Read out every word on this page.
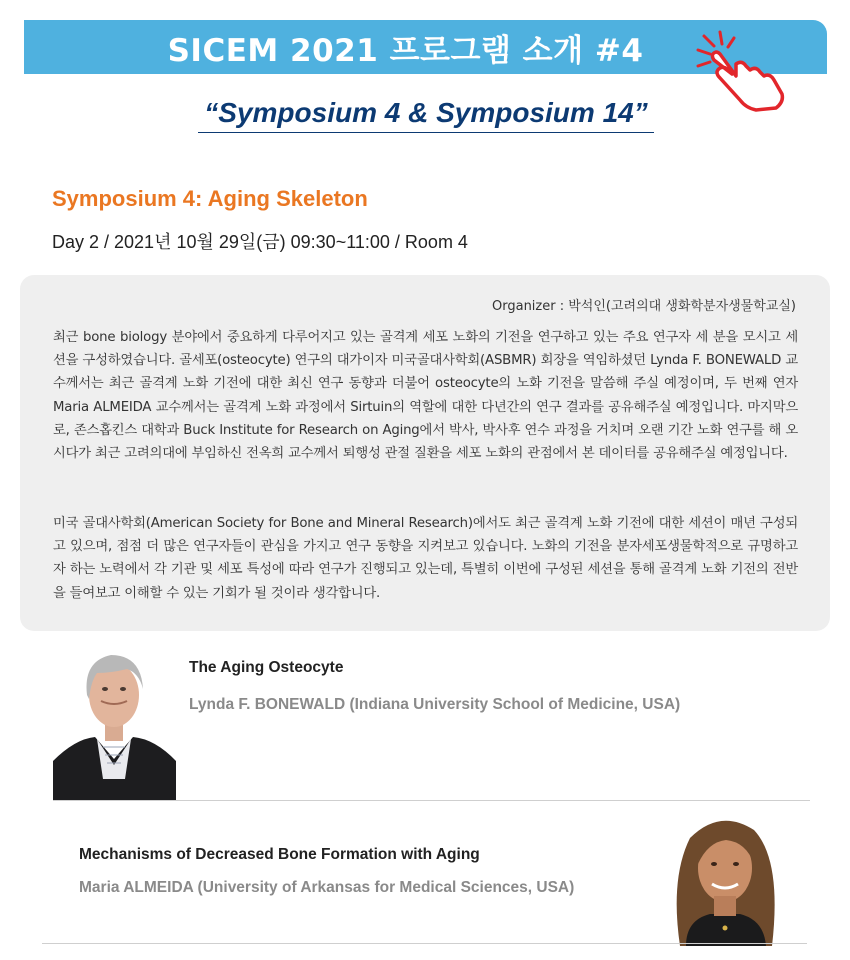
SICEM 2021 프로그램 소개 #4
“Symposium 4 & Symposium 14”
Symposium 4: Aging Skeleton
Day 2 / 2021년 10월 29일(금) 09:30~11:00 / Room 4
Organizer : 박석인(고려의대 생화학분자생물학교실)
최근 bone biology 분야에서 중요하게 다루어지고 있는 골격계 세포 노화의 기전을 연구하고 있는 주요 연구자 세 분을 모시고 세션을 구성하였습니다. 골세포(osteocyte) 연구의 대가이자 미국골대사학회(ASBMR) 회장을 역임하셨던 Lynda F. BONEWALD 교수께서는 최근 골격계 노화 기전에 대한 최신 연구 동향과 더불어 osteocyte의 노화 기전을 말씀해 주실 예정이며, 두 번째 연자 Maria ALMEIDA 교수께서는 골격계 노화 과정에서 Sirtuin의 역할에 대한 다년간의 연구 결과를 공유해주실 예정입니다. 마지막으로, 존스홉킨스 대학과 Buck Institute for Research on Aging에서 박사, 박사후 연수 과정을 거치며 오랜 기간 노화 연구를 해 오시다가 최근 고려의대에 부임하신 전옥희 교수께서 퇴행성 관절 질환을 세포 노화의 관점에서 본 데이터를 공유해주실 예정입니다.
미국 골대사학회(American Society for Bone and Mineral Research)에서도 최근 골격계 노화 기전에 대한 세션이 매년 구성되고 있으며, 점점 더 많은 연구자들이 관심을 가지고 연구 동향을 지켜보고 있습니다. 노화의 기전을 분자세포생물학적으로 규명하고자 하는 노력에서 각 기관 및 세포 특성에 따라 연구가 진행되고 있는데, 특별히 이번에 구성된 세션을 통해 골격계 노화 기전의 전반을 들여보고 이해할 수 있는 기회가 될 것이라 생각합니다.
The Aging Osteocyte
Lynda F. BONEWALD (Indiana University School of Medicine, USA)
Mechanisms of Decreased Bone Formation with Aging
Maria ALMEIDA (University of Arkansas for Medical Sciences, USA)
